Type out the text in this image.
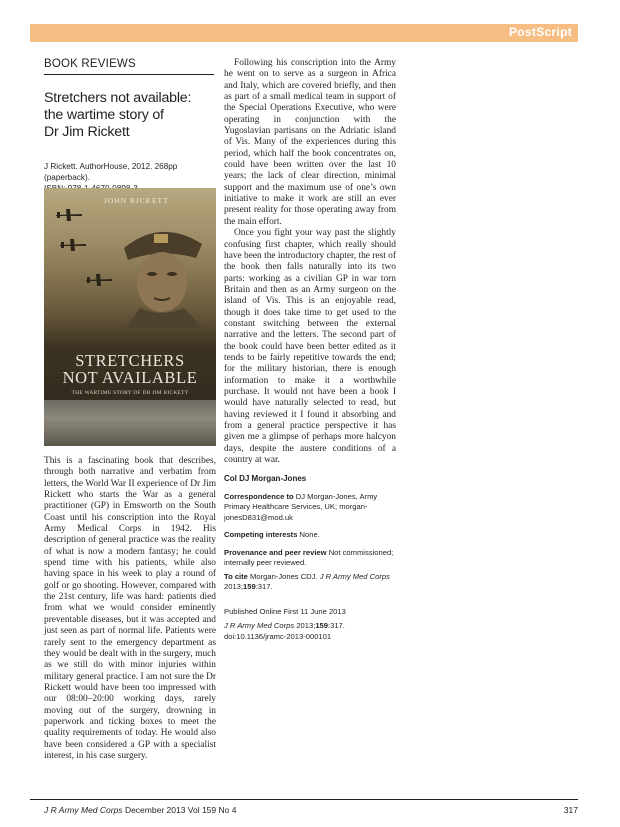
PostScript
BOOK REVIEWS
Stretchers not available:
the wartime story of
Dr Jim Rickett
J Rickett. AuthorHouse, 2012. 268pp (paperback).
JOHN RICKETT
STRETCHERS
NOT AVAILABLE
THE WARTIME STORY OF DR JIM RICKETT

This is a fascinating book that describes, through both narrative and verbatim from letters, the World War II experience of Dr Jim Rickett who starts the War as a general practitioner (GP) in Emsworth on the South Coast until his conscription into the Royal Army Medical Corps in 1942. His description of general practice was the reality of what is now a modern fantasy; he could spend time with his patients, while also having space in his week to play a round of golf or go shooting. However, compared with the 21st century, life was hard: patients died from what we would consider eminently preventable diseases, but it was accepted and just seen as part of normal life. Patients were rarely sent to the emergency department as they would be dealt with in the surgery, much as we still do with minor injuries within military general practice. I am not sure the Dr Rickett would have been too impressed with our 08:00–20:00 working days, rarely moving out of the surgery, drowning in paperwork and ticking boxes to meet the quality requirements of today. He would also have been considered a GP with a specialist interest, in his case surgery.

Following his conscription into the Army he went on to serve as a surgeon in Africa and Italy, which are covered briefly, and then as part of a small medical team in support of the Special Operations Executive, who were operating in conjunction with the Yugoslavian partisans on the Adriatic island of Vis. Many of the experiences during this period, which half the book concentrates on, could have been written over the last 10 years; the lack of clear direction, minimal support and the maximum use of one’s own initiative to make it work are still an ever present reality for those operating away from the main effort.

Once you fight your way past the slightly confusing first chapter, which really should have been the introductory chapter, the rest of the book then falls naturally into its two parts: working as a civilian GP in war torn Britain and then as an Army surgeon on the island of Vis. This is an enjoyable read, though it does take time to get used to the constant switching between the external narrative and the letters. The second part of the book could have been better edited as it tends to be fairly repetitive towards the end; for the military historian, there is enough information to make it a worthwhile purchase. It would not have been a book I would have naturally selected to read, but having reviewed it I found it absorbing and from a general practice perspective it has given me a glimpse of perhaps more halcyon days, despite the austere conditions of a country at war.

Col DJ Morgan-Jones
Correspondence to DJ Morgan-Jones, Army Primary Healthcare Services, UK; morgan-jonesD831@mod.uk
Competing interests None.
Provenance and peer review Not commissioned; internally peer reviewed.
To cite Morgan-Jones CDJ. J R Army Med Corps 2013;159:317.
Published Online First 11 June 2013
J R Army Med Corps 2013;159:317.
doi:10.1136/jramc-2013-000101
J R Army Med Corps December 2013 Vol 159 No 4	317
